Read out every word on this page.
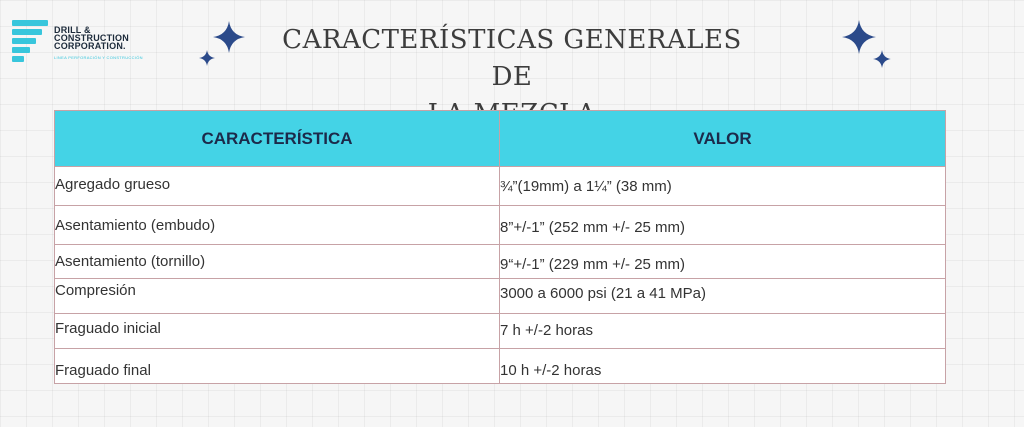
DRILL &
CONSTRUCTION
CORPORATION.
LINEA PERFORACIÓN Y CONSTRUCCIÓN
CARACTERÍSTICAS GENERALES DE
CARACTERÍSTICA	VALOR
Agregado grueso	¾”(19mm) a 1¼” (38 mm)
Asentamiento (embudo)	8”+/-1” (252 mm +/- 25 mm)
Asentamiento (tornillo)	9“+/-1” (229 mm +/- 25 mm)
Compresión	3000 a 6000 psi (21 a 41 MPa)
Fraguado inicial	7 h +/-2 horas
Fraguado final	10 h +/-2 horas
